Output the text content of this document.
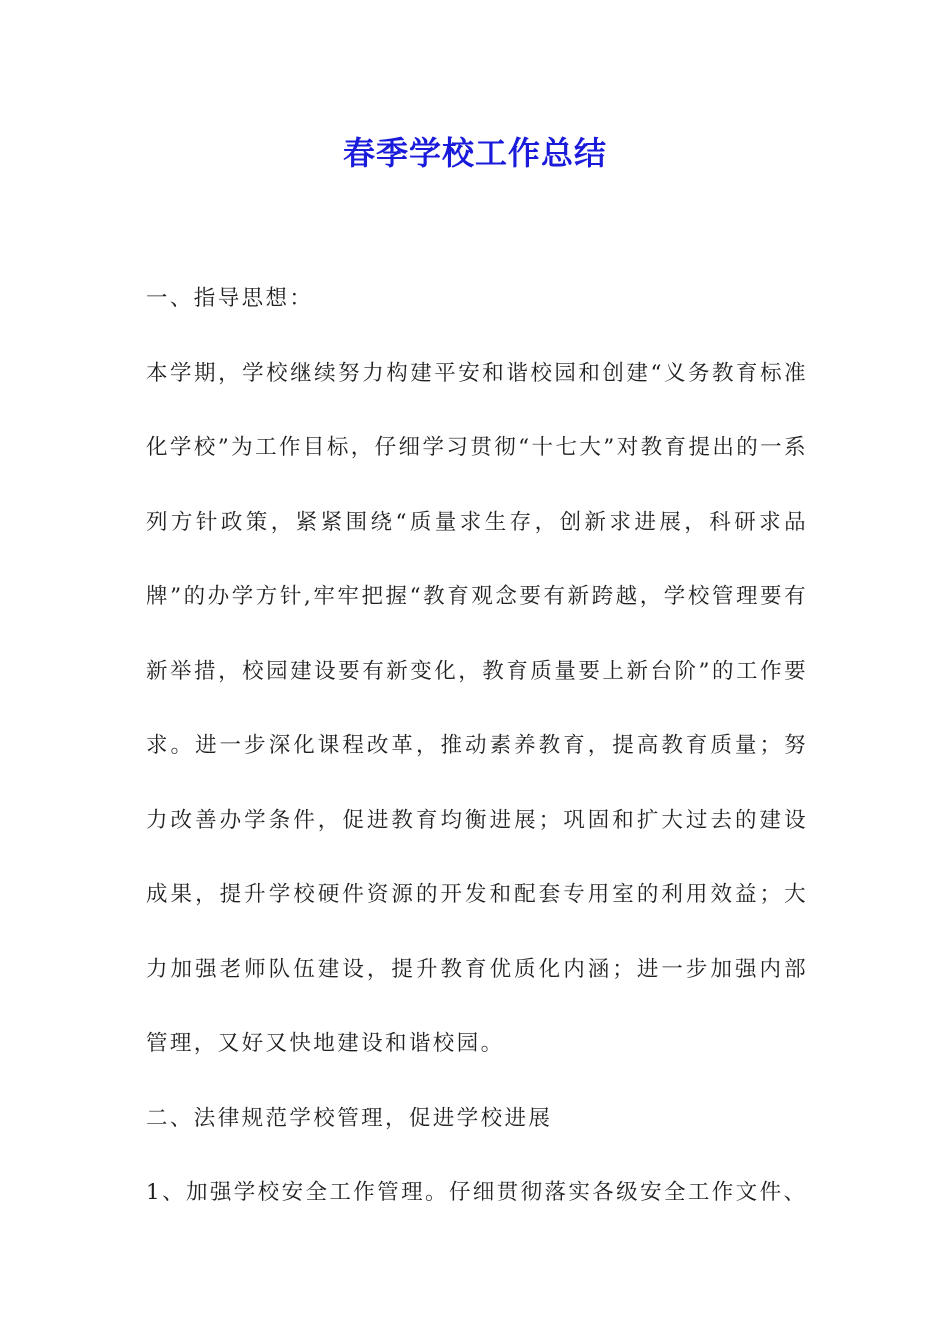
春季学校工作总结

一、指导思想：

本学期，学校继续努力构建平安和谐校园和创建“义务教育标准化学校”为工作目标，仔细学习贯彻“十七大”对教育提出的一系列方针政策，紧紧围绕“质量求生存，创新求进展，科研求品牌”的办学方针,牢牢把握“教育观念要有新跨越，学校管理要有新举措，校园建设要有新变化，教育质量要上新台阶”的工作要求。进一步深化课程改革，推动素养教育，提高教育质量；努力改善办学条件，促进教育均衡进展；巩固和扩大过去的建设成果，提升学校硬件资源的开发和配套专用室的利用效益；大力加强老师队伍建设，提升教育优质化内涵；进一步加强内部管理，又好又快地建设和谐校园。

二、法律规范学校管理，促进学校进展

1、加强学校安全工作管理。仔细贯彻落实各级安全工作文件、
